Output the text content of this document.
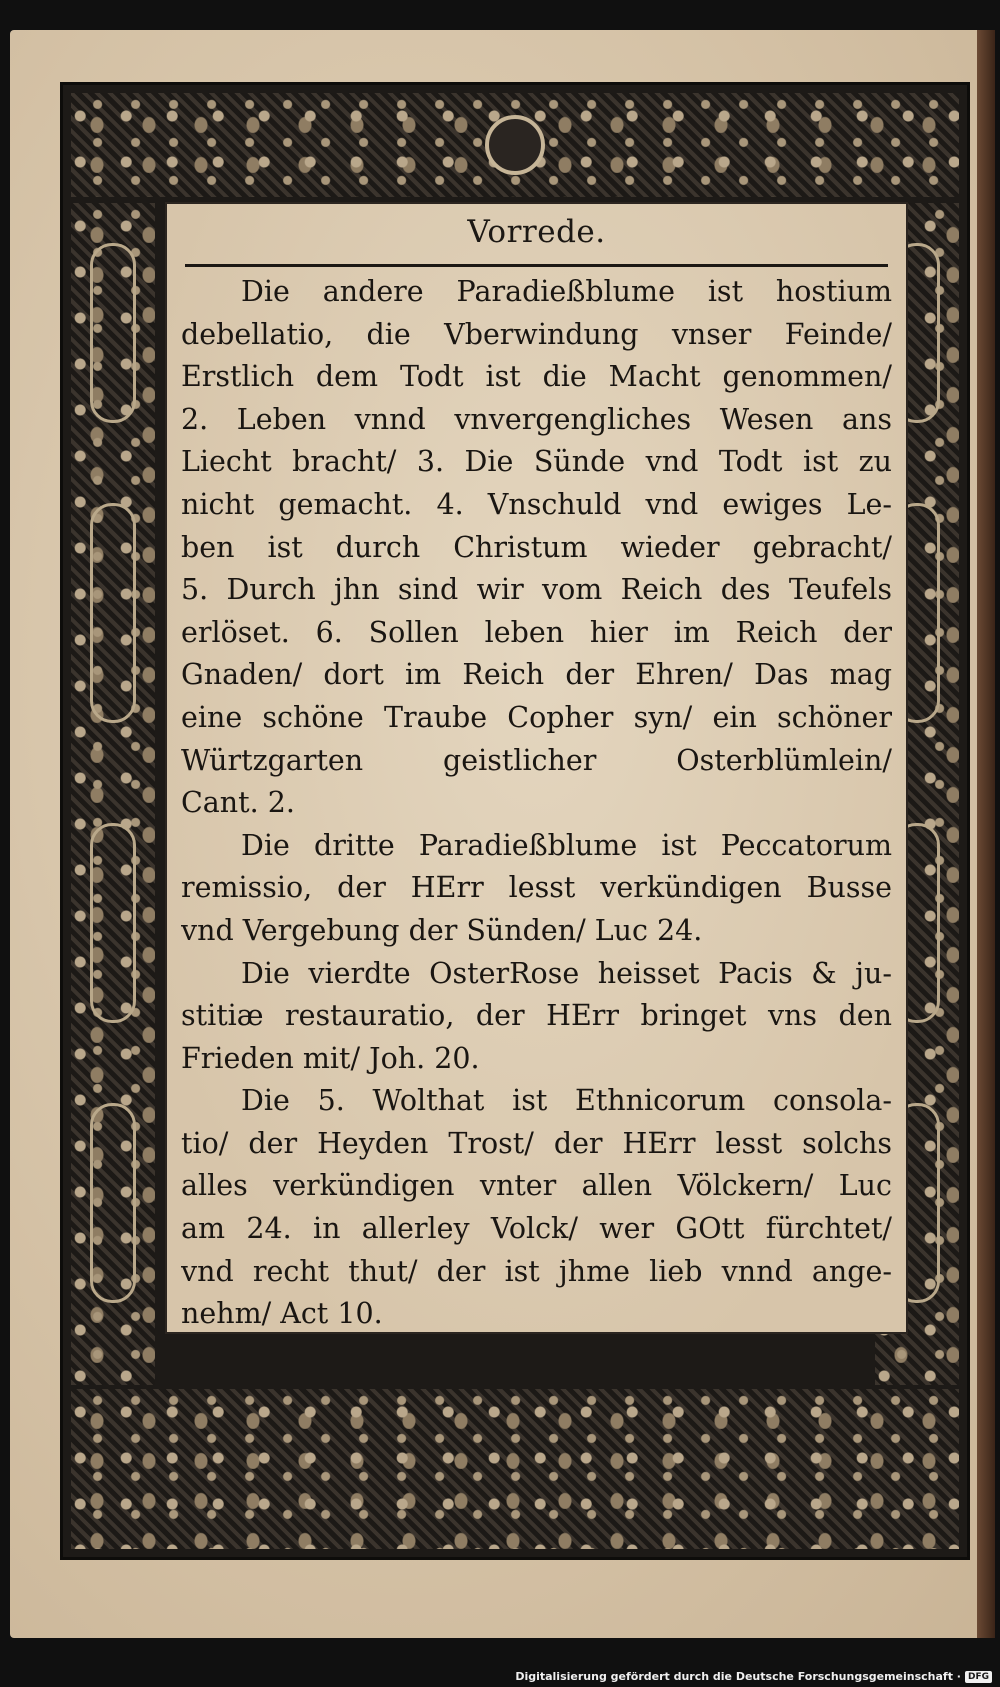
Vorrede.
Die andere Paradießblume ist hostium
debellatio, die Vberwindung vnser Feinde/
Erstlich dem Todt ist die Macht genommen/
2. Leben vnnd vnvergengliches Wesen ans
Liecht bracht/ 3. Die Sünde vnd Todt ist zu
nicht gemacht. 4. Vnschuld vnd ewiges Le-
ben ist durch Christum wieder gebracht/
5. Durch jhn sind wir vom Reich des Teufels
erlöset. 6. Sollen leben hier im Reich der
Gnaden/ dort im Reich der Ehren/ Das mag
eine schöne Traube Copher syn/ ein schöner
Würtzgarten geistlicher Osterblümlein/
Cant. 2.
Die dritte Paradießblume ist Peccatorum
remissio, der HErr lesst verkündigen Busse
vnd Vergebung der Sünden/ Luc 24.
Die vierdte OsterRose heisset Pacis & ju-
stitiæ restauratio, der HErr bringet vns den
Frieden mit/ Joh. 20.
Die 5. Wolthat ist Ethnicorum consola-
tio/ der Heyden Trost/ der HErr lesst solchs
alles verkündigen vnter allen Völckern/ Luc
am 24. in allerley Volck/ wer GOtt fürchtet/
vnd recht thut/ der ist jhme lieb vnnd ange-
nehm/ Act 10.
Digitalisierung gefördert durch die Deutsche Forschungsgemeinschaft · DFG
